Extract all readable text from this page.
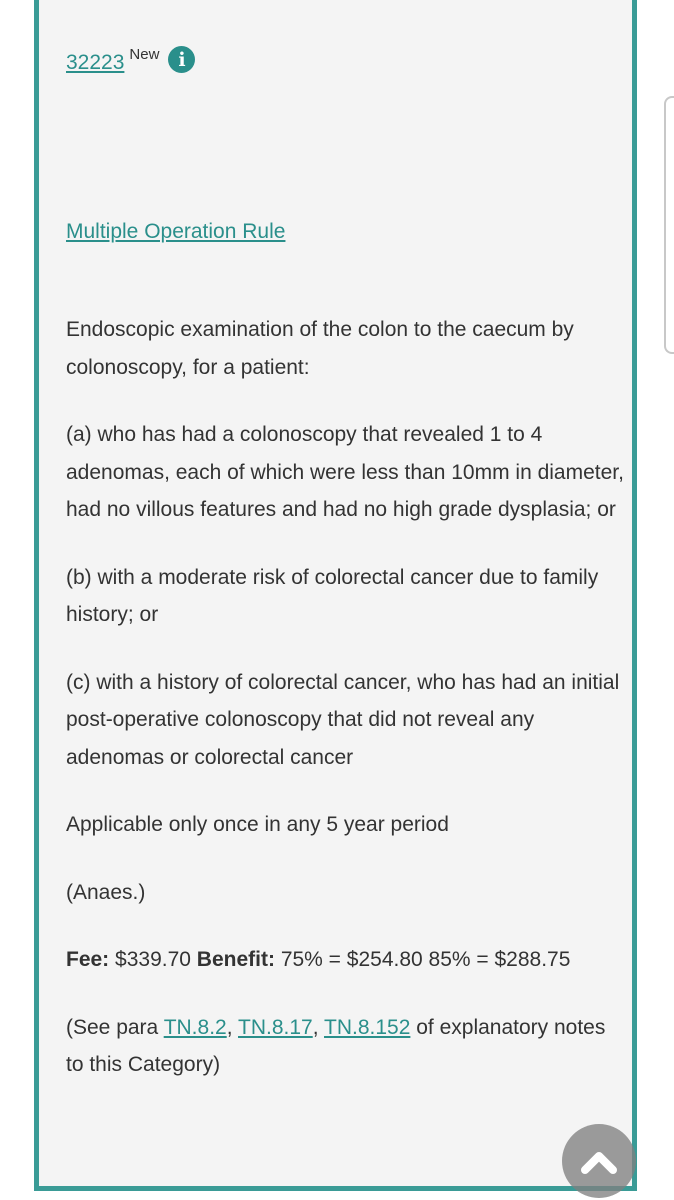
32223 New i
Multiple Operation Rule

Endoscopic examination of the colon to the caecum by colonoscopy, for a patient:

(a) who has had a colonoscopy that revealed 1 to 4 adenomas, each of which were less than 10mm in diameter, had no villous features and had no high grade dysplasia; or

(b) with a moderate risk of colorectal cancer due to family history; or

(c) with a history of colorectal cancer, who has had an initial post-operative colonoscopy that did not reveal any adenomas or colorectal cancer

Applicable only once in any 5 year period

(Anaes.)

Fee: $339.70 Benefit: 75% = $254.80 85% = $288.75

(See para TN.8.2, TN.8.17, TN.8.152 of explanatory notes to this Category)
